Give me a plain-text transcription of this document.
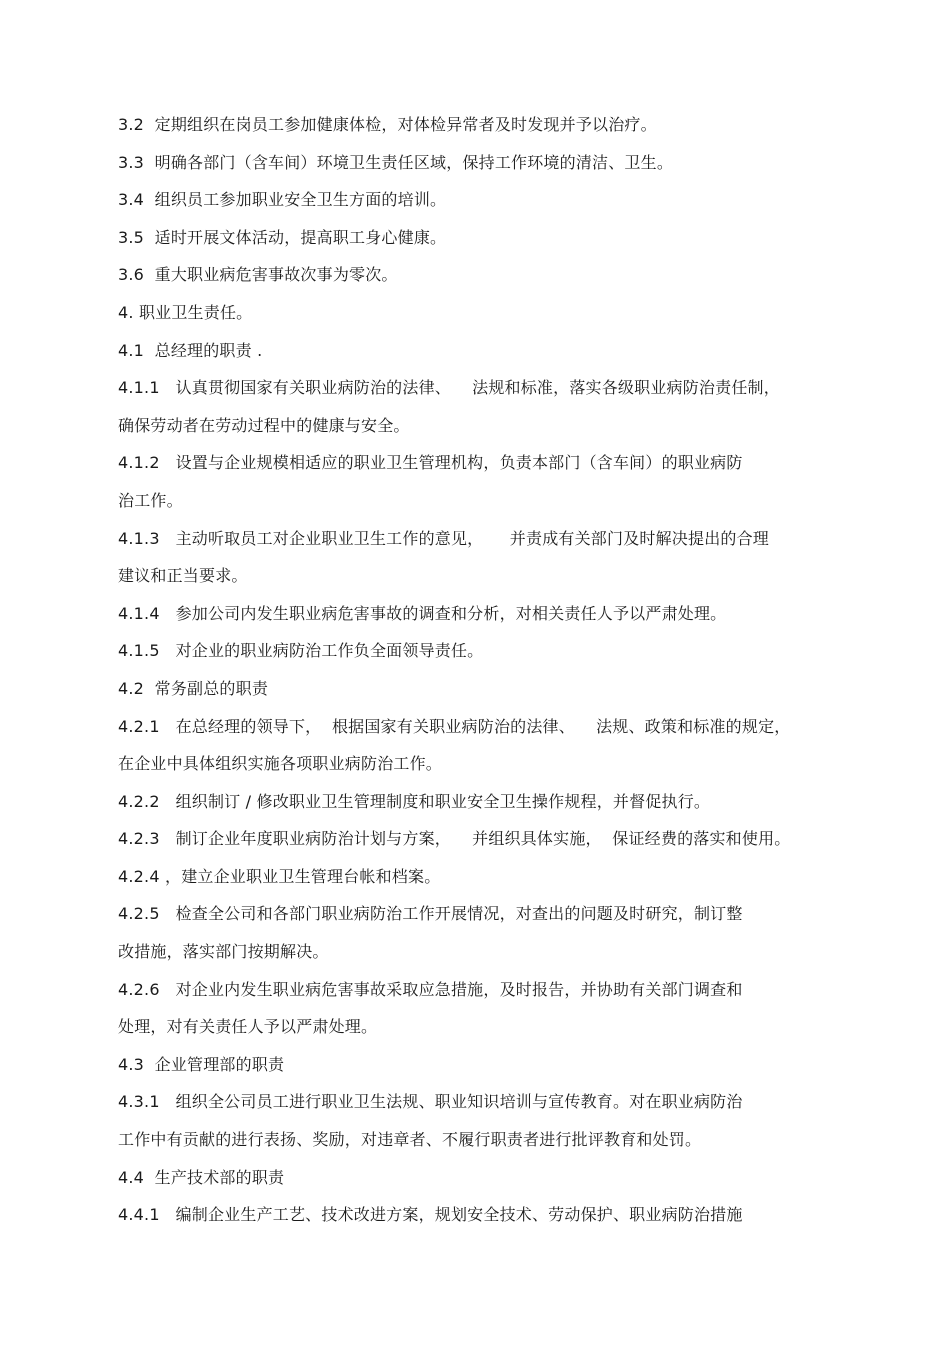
3.2  定期组织在岗员工参加健康体检，对体检异常者及时发现并予以治疗。
3.3  明确各部门（含车间）环境卫生责任区域，保持工作环境的清洁、卫生。
3.4  组织员工参加职业安全卫生方面的培训。
3.5  适时开展文体活动，提高职工身心健康。
3.6  重大职业病危害事故次事为零次。
4. 职业卫生责任。
4.1  总经理的职责 .
4.1.1   认真贯彻国家有关职业病防治的法律、    法规和标准，落实各级职业病防治责任制，
确保劳动者在劳动过程中的健康与安全。
4.1.2   设置与企业规模相适应的职业卫生管理机构，负责本部门（含车间）的职业病防
治工作。
4.1.3   主动听取员工对企业职业卫生工作的意见，     并责成有关部门及时解决提出的合理
建议和正当要求。
4.1.4   参加公司内发生职业病危害事故的调查和分析，对相关责任人予以严肃处理。
4.1.5   对企业的职业病防治工作负全面领导责任。
4.2  常务副总的职责
4.2.1   在总经理的领导下，  根据国家有关职业病防治的法律、    法规、政策和标准的规定，
在企业中具体组织实施各项职业病防治工作。
4.2.2   组织制订 / 修改职业卫生管理制度和职业安全卫生操作规程，并督促执行。
4.2.3   制订企业年度职业病防治计划与方案，    并组织具体实施，  保证经费的落实和使用。
4.2.4 ，建立企业职业卫生管理台帐和档案。
4.2.5   检查全公司和各部门职业病防治工作开展情况，对查出的问题及时研究，制订整
改措施，落实部门按期解决。
4.2.6   对企业内发生职业病危害事故采取应急措施，及时报告，并协助有关部门调查和
处理，对有关责任人予以严肃处理。
4.3  企业管理部的职责
4.3.1   组织全公司员工进行职业卫生法规、职业知识培训与宣传教育。对在职业病防治
工作中有贡献的进行表扬、奖励，对违章者、不履行职责者进行批评教育和处罚。
4.4  生产技术部的职责
4.4.1   编制企业生产工艺、技术改进方案，规划安全技术、劳动保护、职业病防治措施
